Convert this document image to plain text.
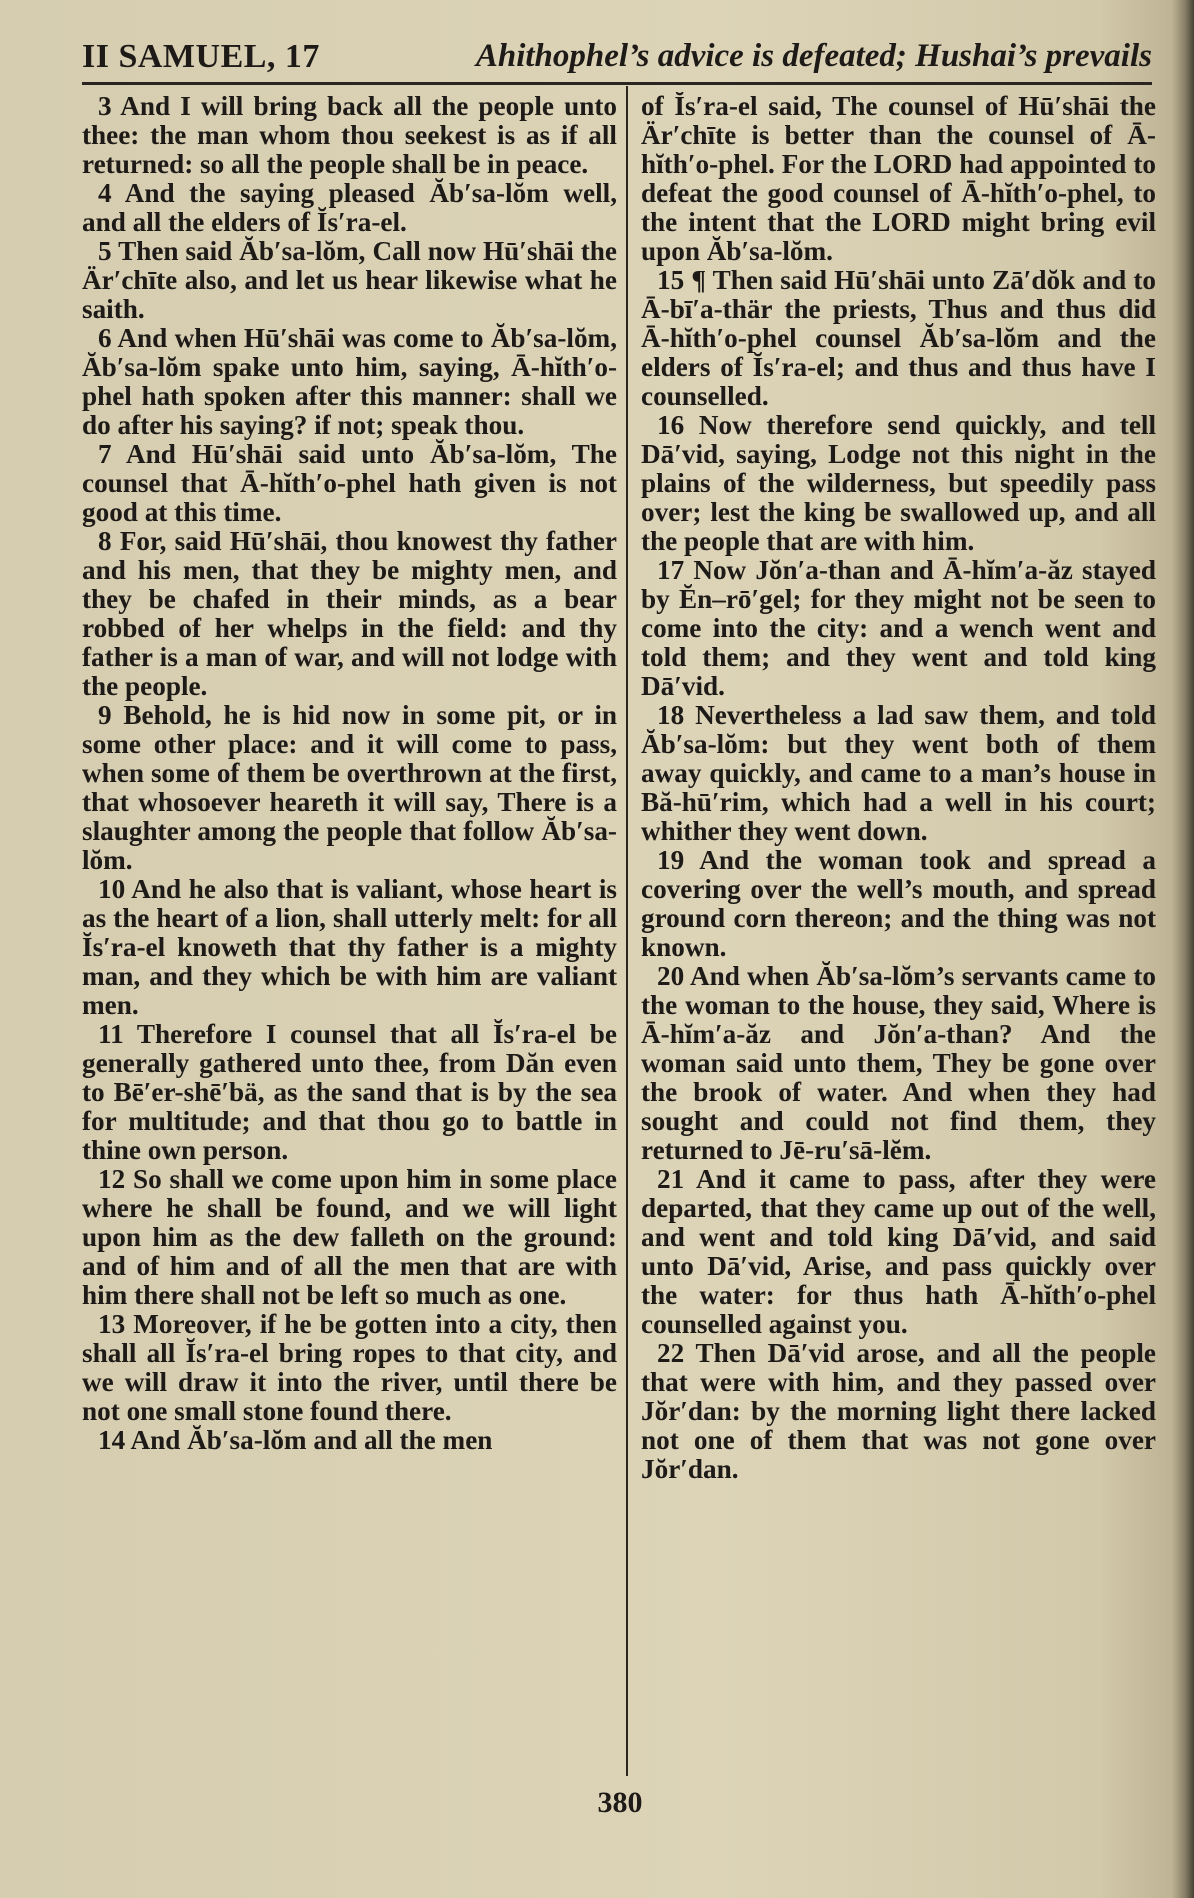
II SAMUEL, 17	Ahithophel’s advice is defeated; Hushai’s prevails

3 And I will bring back all the people unto thee: the man whom thou seekest is as if all returned: so all the people shall be in peace.

4 And the saying pleased Ăb′sa-lŏm well, and all the elders of Ĭs′ra-el.

5 Then said Ăb′sa-lŏm, Call now Hū′shāi the Är′chīte also, and let us hear likewise what he saith.

6 And when Hū′shāi was come to Ăb′sa-lŏm, Ăb′sa-lŏm spake unto him, saying, Ā-hĭth′o-phel hath spoken after this manner: shall we do after his saying? if not; speak thou.

7 And Hū′shāi said unto Ăb′sa-lŏm, The counsel that Ā-hĭth′o-phel hath given is not good at this time.

8 For, said Hū′shāi, thou knowest thy father and his men, that they be mighty men, and they be chafed in their minds, as a bear robbed of her whelps in the field: and thy father is a man of war, and will not lodge with the people.

9 Behold, he is hid now in some pit, or in some other place: and it will come to pass, when some of them be overthrown at the first, that whosoever heareth it will say, There is a slaughter among the people that follow Ăb′sa-lŏm.

10 And he also that is valiant, whose heart is as the heart of a lion, shall utterly melt: for all Ĭs′ra-el knoweth that thy father is a mighty man, and they which be with him are valiant men.

11 Therefore I counsel that all Ĭs′ra-el be generally gathered unto thee, from Dăn even to Bē′er-shē′bä, as the sand that is by the sea for multitude; and that thou go to battle in thine own person.

12 So shall we come upon him in some place where he shall be found, and we will light upon him as the dew falleth on the ground: and of him and of all the men that are with him there shall not be left so much as one.

13 Moreover, if he be gotten into a city, then shall all Ĭs′ra-el bring ropes to that city, and we will draw it into the river, until there be not one small stone found there.

14 And Ăb′sa-lŏm and all the men

of Ĭs′ra-el said, The counsel of Hū′shāi the Är′chīte is better than the counsel of Ā-hĭth′o-phel. For the LORD had appointed to defeat the good counsel of Ā-hĭth′o-phel, to the intent that the LORD might bring evil upon Ăb′sa-lŏm.

15 ¶ Then said Hū′shāi unto Zā′dŏk and to Ā-bī′a-thär the priests, Thus and thus did Ā-hĭth′o-phel counsel Ăb′sa-lŏm and the elders of Ĭs′ra-el; and thus and thus have I counselled.

16 Now therefore send quickly, and tell Dā′vid, saying, Lodge not this night in the plains of the wilderness, but speedily pass over; lest the king be swallowed up, and all the people that are with him.

17 Now Jŏn′a-than and Ā-hĭm′a-ăz stayed by Ĕn–rō′gel; for they might not be seen to come into the city: and a wench went and told them; and they went and told king Dā′vid.

18 Nevertheless a lad saw them, and told Ăb′sa-lŏm: but they went both of them away quickly, and came to a man’s house in Bă-hū′rim, which had a well in his court; whither they went down.

19 And the woman took and spread a covering over the well’s mouth, and spread ground corn thereon; and the thing was not known.

20 And when Ăb′sa-lŏm’s servants came to the woman to the house, they said, Where is Ā-hĭm′a-ăz and Jŏn′a-than? And the woman said unto them, They be gone over the brook of water. And when they had sought and could not find them, they returned to Jē-ru′sā-lĕm.

21 And it came to pass, after they were departed, that they came up out of the well, and went and told king Dā′vid, and said unto Dā′vid, Arise, and pass quickly over the water: for thus hath Ā-hĭth′o-phel counselled against you.

22 Then Dā′vid arose, and all the people that were with him, and they passed over Jŏr′dan: by the morning light there lacked not one of them that was not gone over Jŏr′dan.

380
